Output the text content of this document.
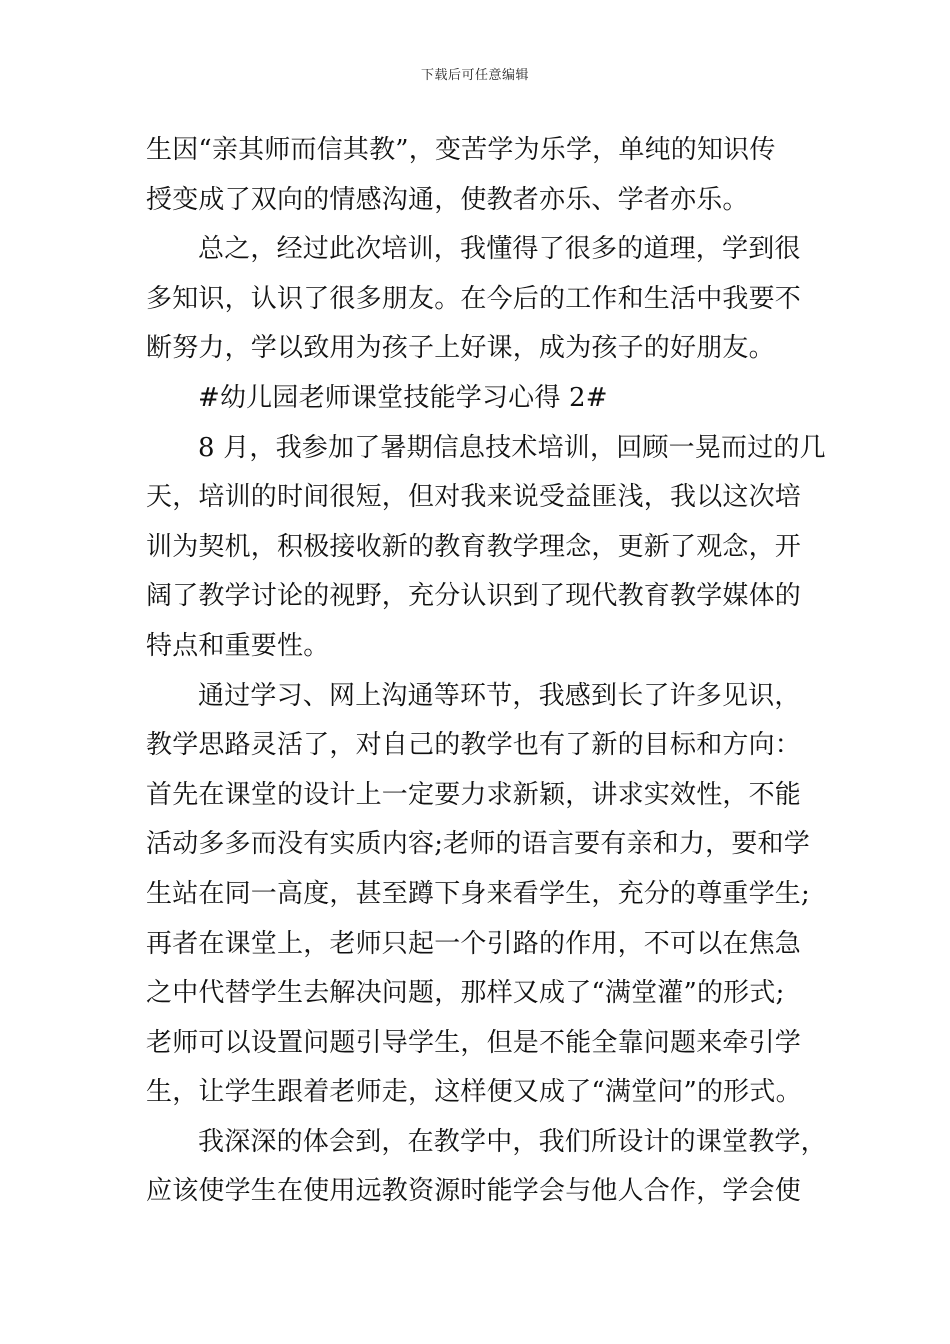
下载后可任意编辑
生因“亲其师而信其教”，变苦学为乐学，单纯的知识传
授变成了双向的情感沟通，使教者亦乐、学者亦乐。
总之，经过此次培训，我懂得了很多的道理，学到很
多知识，认识了很多朋友。在今后的工作和生活中我要不
断努力，学以致用为孩子上好课，成为孩子的好朋友。
#幼儿园老师课堂技能学习心得 2#
8 月，我参加了暑期信息技术培训，回顾一晃而过的几
天，培训的时间很短，但对我来说受益匪浅，我以这次培
训为契机，积极接收新的教育教学理念，更新了观念，开
阔了教学讨论的视野，充分认识到了现代教育教学媒体的
特点和重要性。
通过学习、网上沟通等环节，我感到长了许多见识，
教学思路灵活了，对自己的教学也有了新的目标和方向：
首先在课堂的设计上一定要力求新颖，讲求实效性，不能
活动多多而没有实质内容;老师的语言要有亲和力，要和学
生站在同一高度，甚至蹲下身来看学生，充分的尊重学生;
再者在课堂上，老师只起一个引路的作用，不可以在焦急
之中代替学生去解决问题，那样又成了“满堂灌”的形式;
老师可以设置问题引导学生，但是不能全靠问题来牵引学
生，让学生跟着老师走，这样便又成了“满堂问”的形式。
我深深的体会到，在教学中，我们所设计的课堂教学，
应该使学生在使用远教资源时能学会与他人合作，学会使
